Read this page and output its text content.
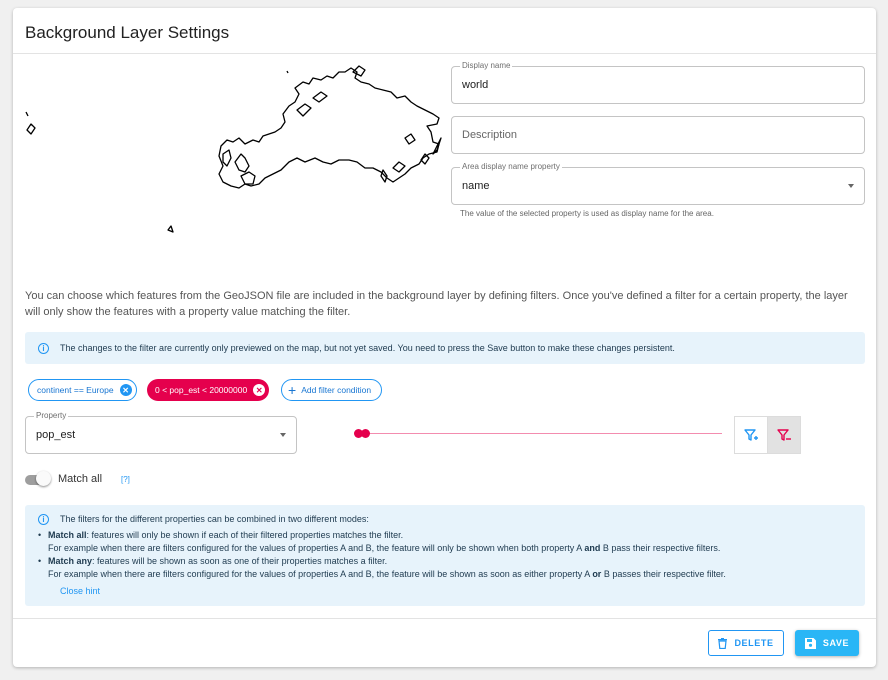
Background Layer Settings
Display name
world
Description
Area display name property
name
The value of the selected property is used as display name for the area.
You can choose which features from the GeoJSON file are included in the background layer by defining filters. Once you've defined a filter for a certain property, the layer will only show the features with a property value matching the filter.
i	The changes to the filter are currently only previewed on the map, but not yet saved. You need to press the Save button to make these changes persistent.
continent == Europe	✕	0 < pop_est < 20000000	✕ + Add filter condition
Property
pop_est
Match all [?]
i	The filters for the different properties can be combined in two different modes:
• Match all: features will only be shown if each of their filtered properties matches the filter.
For example when there are filters configured for the values of properties A and B, the feature will only be shown when both property A and B pass their respective filters.
• Match any: features will be shown as soon as one of their properties matches a filter.
For example when there are filters configured for the values of properties A and B, the feature will be shown as soon as either property A or B passes their respective filter.
Close hint
DELETE	SAVE
